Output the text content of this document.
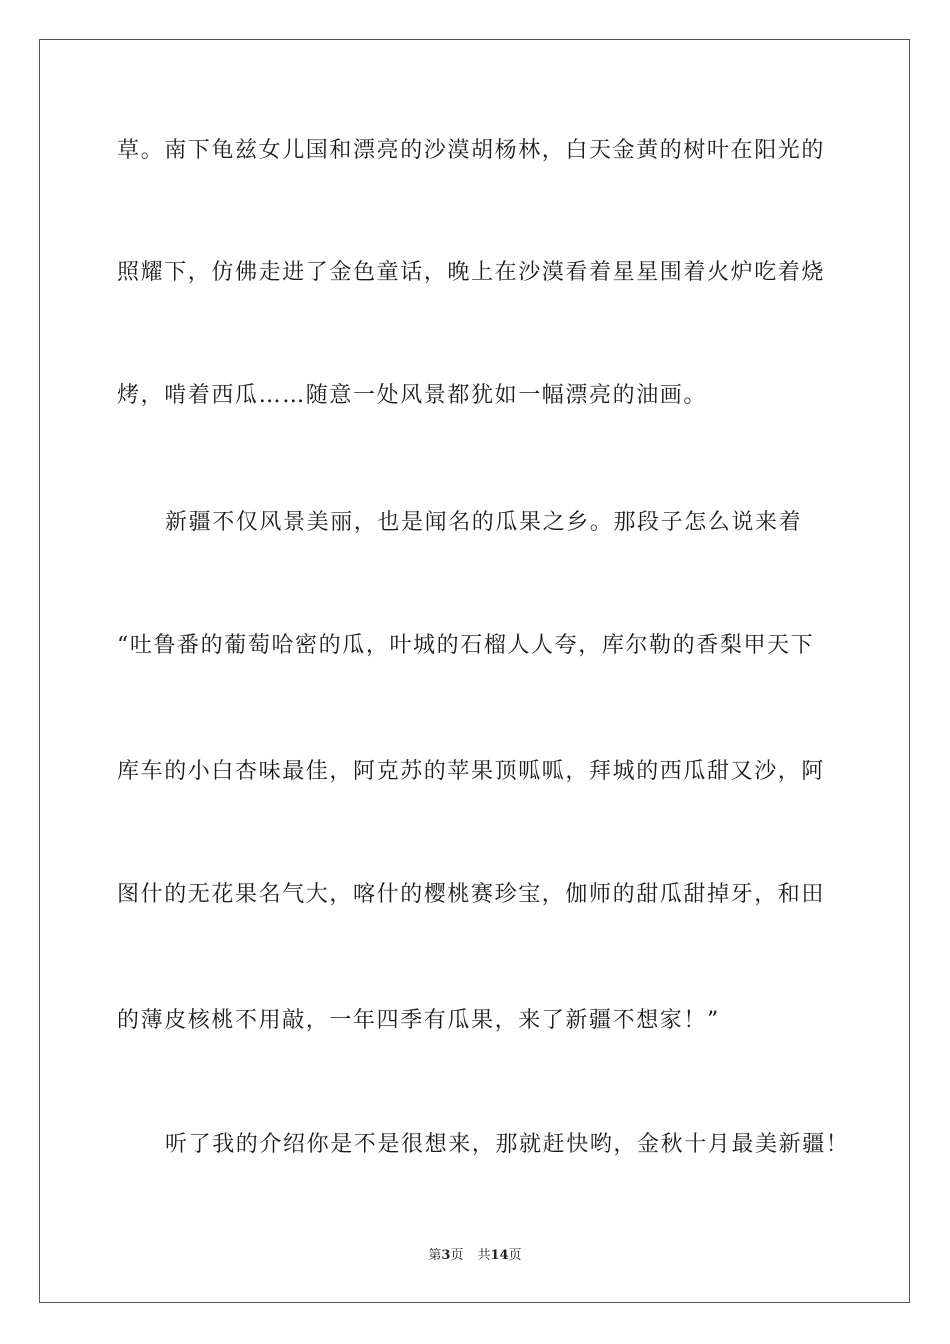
草。南下龟兹女儿国和漂亮的沙漠胡杨林，白天金黄的树叶在阳光的
照耀下，仿佛走进了金色童话，晚上在沙漠看着星星围着火炉吃着烧
烤，啃着西瓜……随意一处风景都犹如一幅漂亮的油画。
新疆不仅风景美丽，也是闻名的瓜果之乡。那段子怎么说来着
“吐鲁番的葡萄哈密的瓜，叶城的石榴人人夸，库尔勒的香梨甲天下
库车的小白杏味最佳，阿克苏的苹果顶呱呱，拜城的西瓜甜又沙，阿
图什的无花果名气大，喀什的樱桃赛珍宝，伽师的甜瓜甜掉牙，和田
的薄皮核桃不用敲，一年四季有瓜果，来了新疆不想家！”
听了我的介绍你是不是很想来，那就赶快哟，金秋十月最美新疆！
第3页 共14页
